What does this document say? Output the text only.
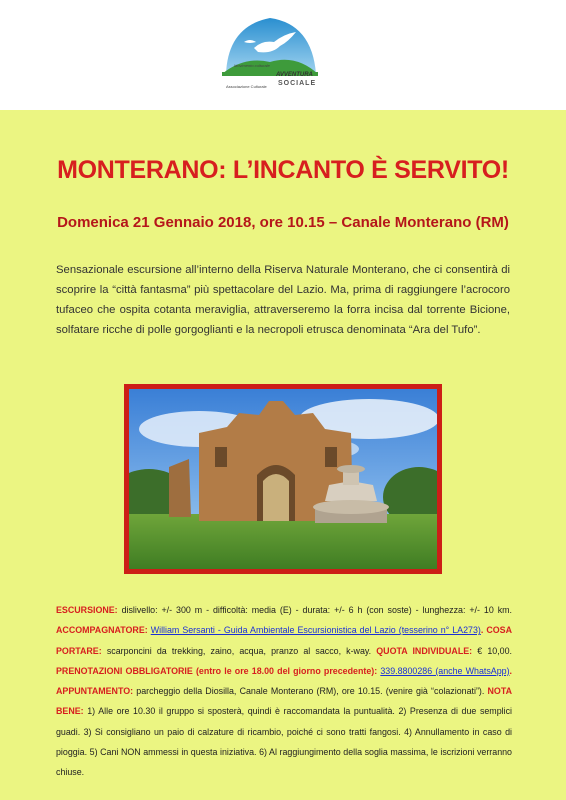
Movimento culturale
AVVENTURA
Associazione Culturale SOCIALE
MONTERANO: L’INCANTO È SERVITO!
Domenica 21 Gennaio 2018, ore 10.15 – Canale Monterano (RM)
Sensazionale escursione all’interno della Riserva Naturale Monterano, che ci consentirà di scoprire la “città fantasma” più spettacolare del Lazio. Ma, prima di raggiungere l’acrocoro tufaceo che ospita cotanta meraviglia, attraverseremo la forra incisa dal torrente Bicione, solfatare ricche di polle gorgoglianti e la necropoli etrusca denominata “Ara del Tufo”.
ESCURSIONE: dislivello: +/- 300 m - difficoltà: media (E) - durata: +/- 6 h (con soste) - lunghezza: +/- 10 km. ACCOMPAGNATORE: William Sersanti - Guida Ambientale Escursionistica del Lazio (tesserino n° LA273). COSA PORTARE: scarponcini da trekking, zaino, acqua, pranzo al sacco, k-way. QUOTA INDIVIDUALE: € 10,00. PRENOTAZIONI OBBLIGATORIE (entro le ore 18.00 del giorno precedente): 339.8800286 (anche WhatsApp). APPUNTAMENTO: parcheggio della Diosilla, Canale Monterano (RM), ore 10.15. (venire già “colazionati”). NOTA BENE: 1) Alle ore 10.30 il gruppo si sposterà, quindi è raccomandata la puntualità. 2) Presenza di due semplici guadi. 3) Si consigliano un paio di calzature di ricambio, poiché ci sono tratti fangosi. 4) Annullamento in caso di pioggia. 5) Cani NON ammessi in questa iniziativa. 6) Al raggiungimento della soglia massima, le iscrizioni verranno chiuse.
